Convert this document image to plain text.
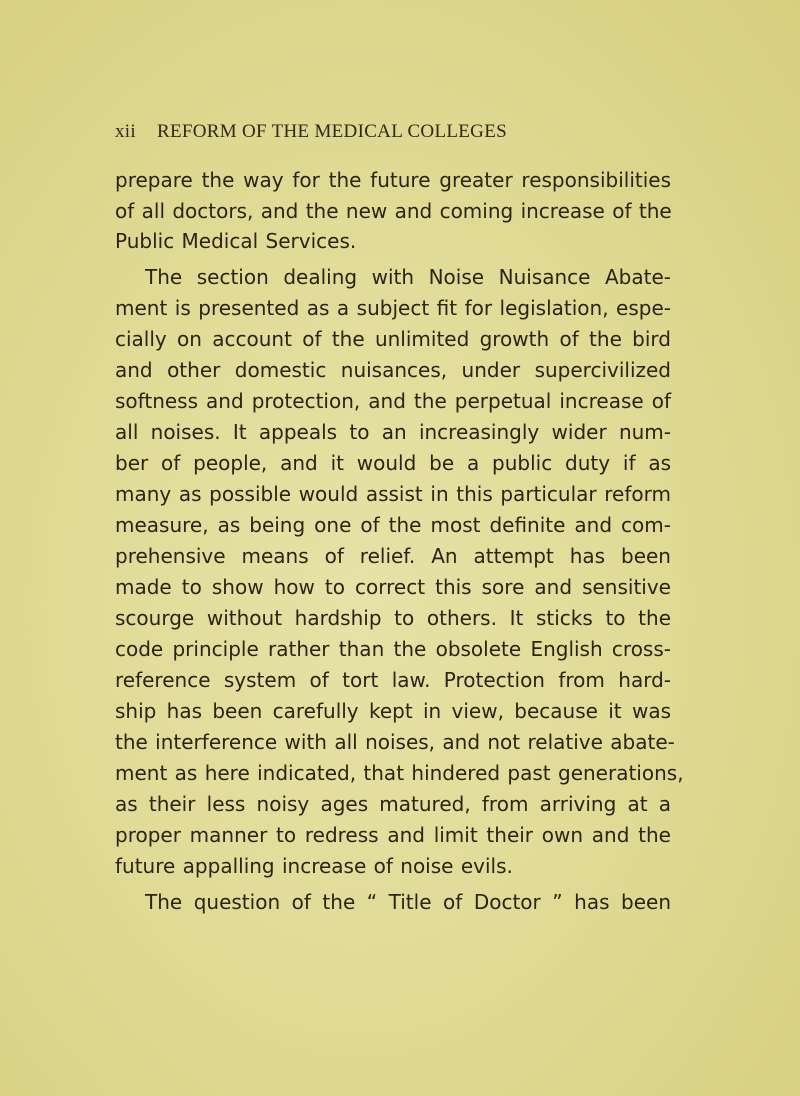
xii REFORM OF THE MEDICAL COLLEGES
prepare the way for the future greater responsibilities
of all doctors, and the new and coming increase of the
Public Medical Services.
The section dealing with Noise Nuisance Abate-
ment is presented as a subject fit for legislation, espe-
cially on account of the unlimited growth of the bird
and other domestic nuisances, under supercivilized
softness and protection, and the perpetual increase of
all noises. It appeals to an increasingly wider num-
ber of people, and it would be a public duty if as
many as possible would assist in this particular reform
measure, as being one of the most definite and com-
prehensive means of relief. An attempt has been
made to show how to correct this sore and sensitive
scourge without hardship to others. It sticks to the
code principle rather than the obsolete English cross-
reference system of tort law. Protection from hard-
ship has been carefully kept in view, because it was
the interference with all noises, and not relative abate-
ment as here indicated, that hindered past generations,
as their less noisy ages matured, from arriving at a
proper manner to redress and limit their own and the
future appalling increase of noise evils.
The question of the “ Title of Doctor ” has been
